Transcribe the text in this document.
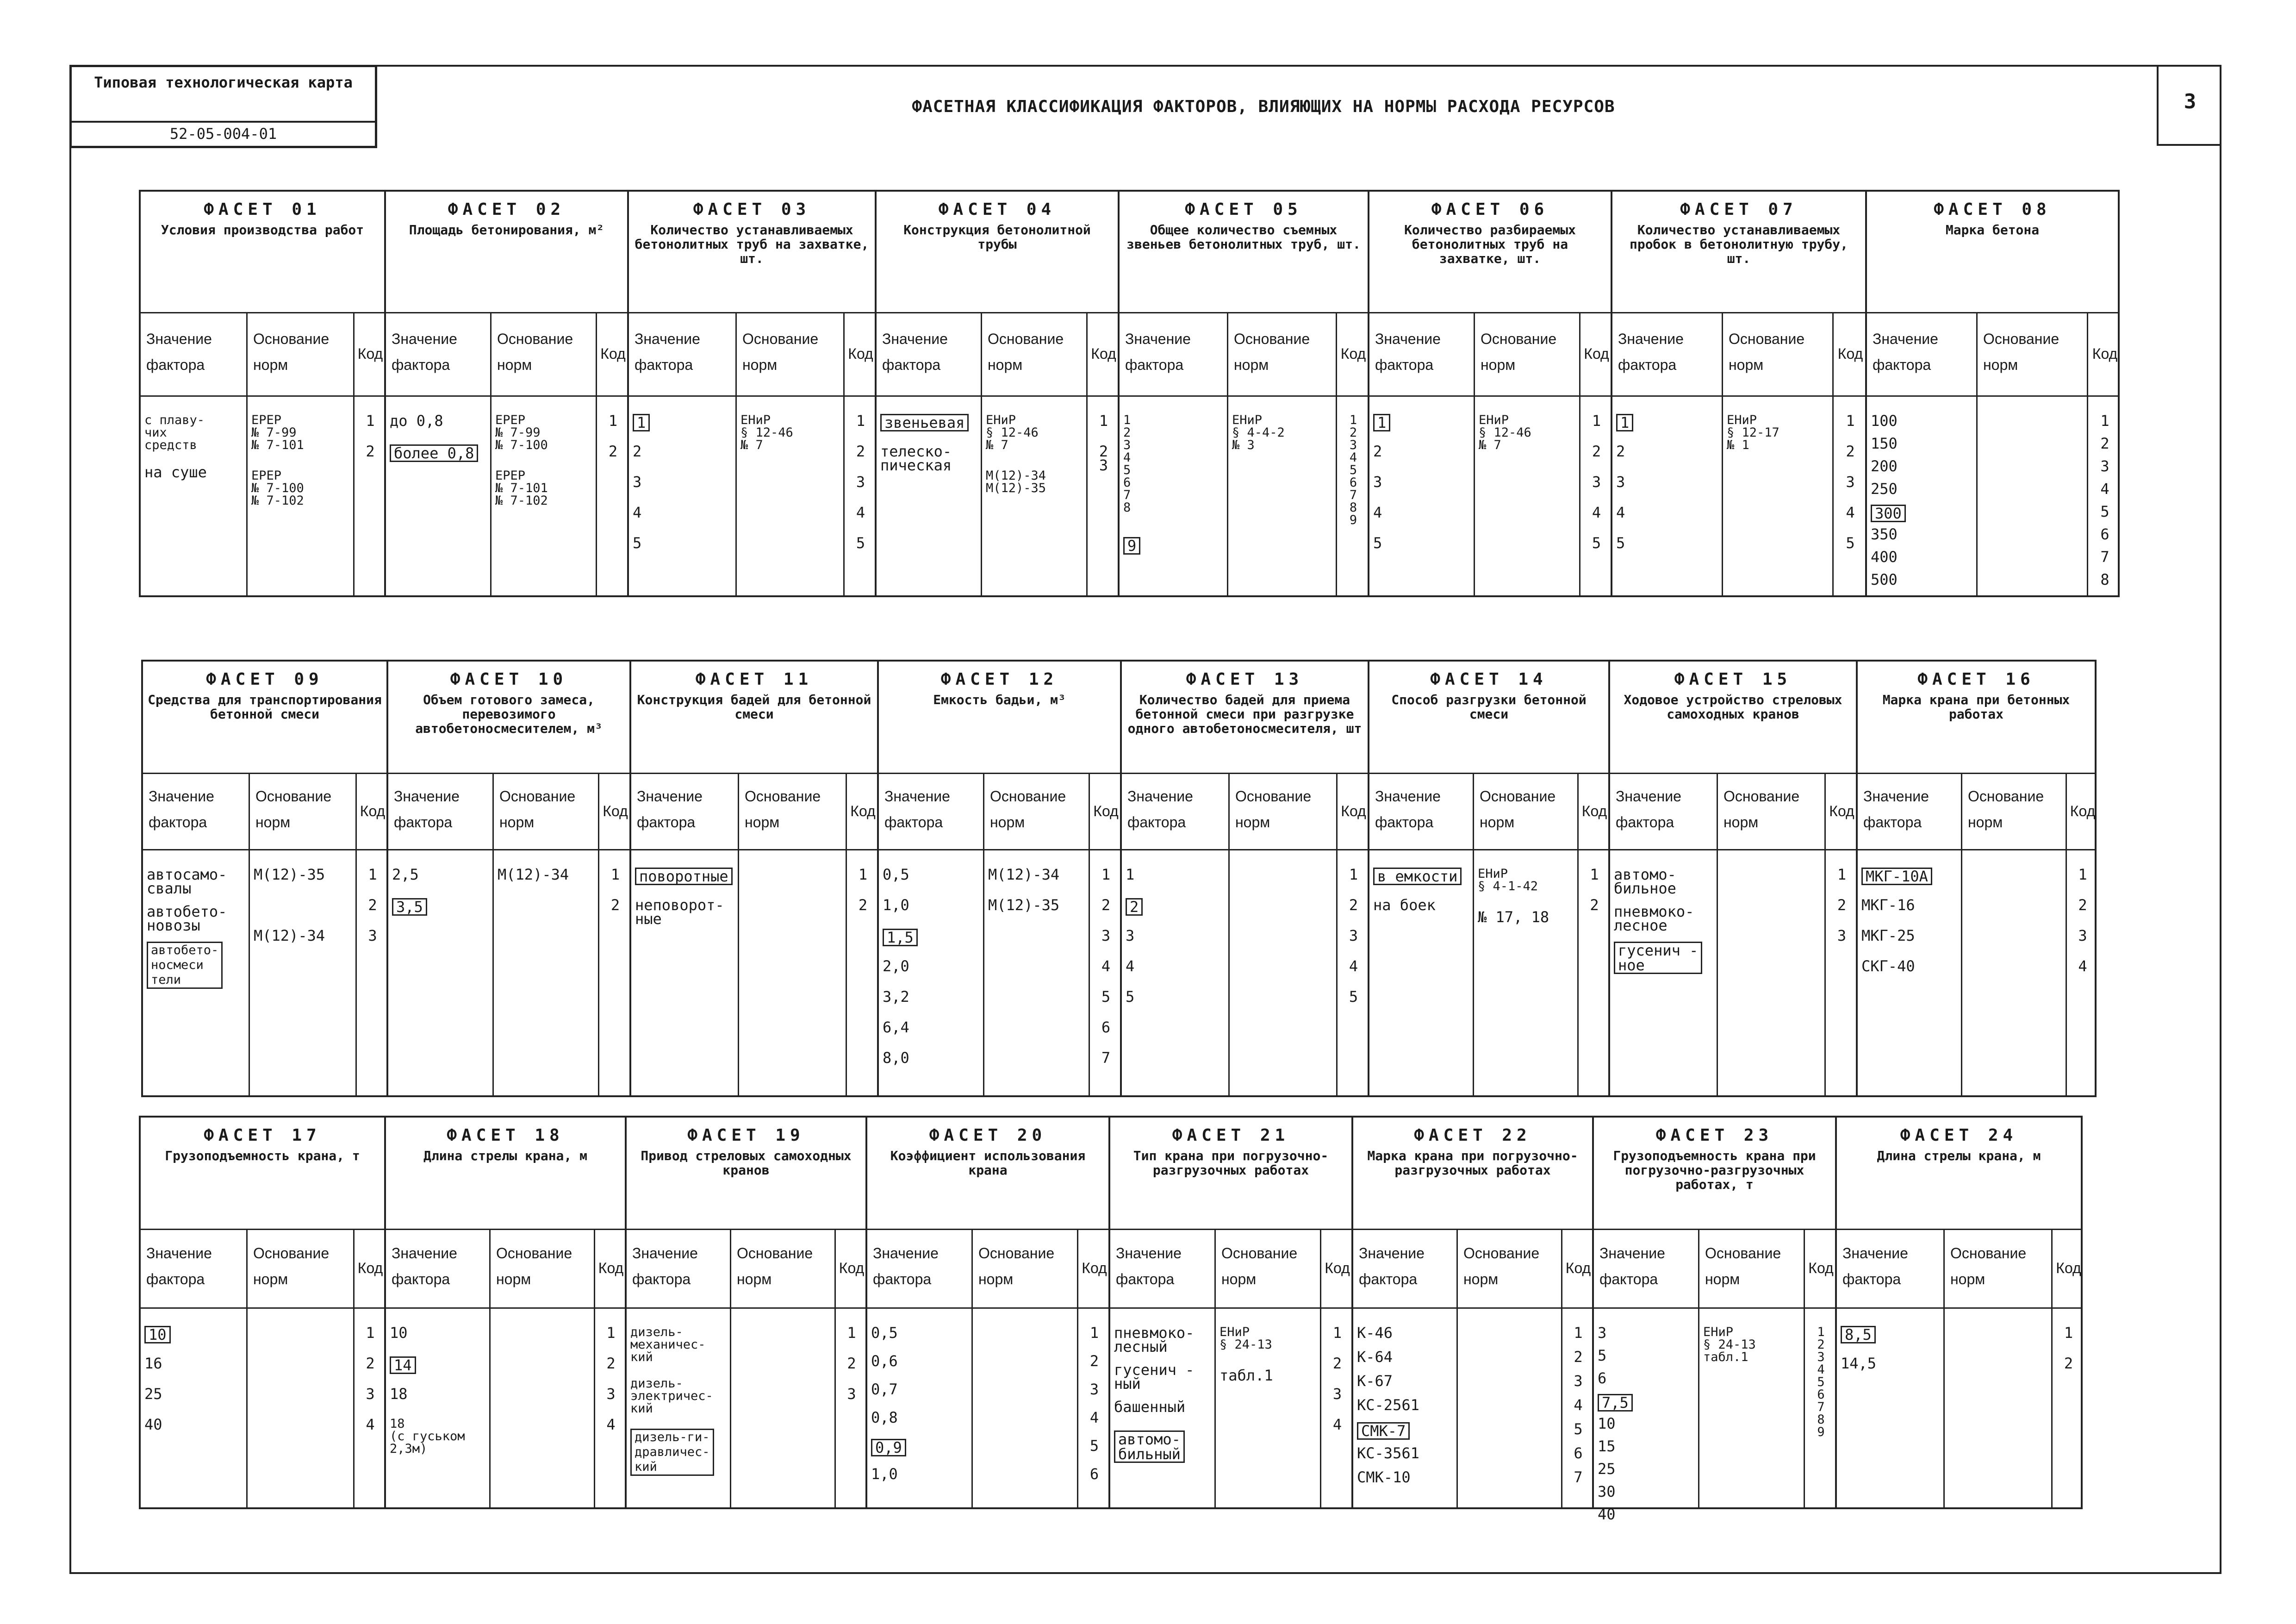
Типовая технологическая карта
52-05-004-01
ФАСЕТНАЯ КЛАССИФИКАЦИЯ ФАКТОРОВ, ВЛИЯЮЩИХ НА НОРМЫ РАСХОДА РЕСУРСОВ	3
ФАСЕТ 01
Условия производства работ
Значение фактора
Основание норм
Код
с плаву-
чих
средств
на суше
ЕРЕР
№ 7-99
№ 7-101
ЕРЕР
№ 7-100
№ 7-102
1
2
ФАСЕТ 02
Площадь бетонирования, м²
Значение фактора
Основание норм
Код
до 0,8
более 0,8
ЕРЕР
№ 7-99
№ 7-100
ЕРЕР
№ 7-101
№ 7-102
1
2
ФАСЕТ 03
Количество устанавливаемых бетонолитных труб на захватке, шт.
Значение фактора
Основание норм
Код
1
2
3
4
5
ЕНиР
§ 12-46
№ 7
1
2
3
4
5
ФАСЕТ 04
Конструкция бетонолитной трубы
Значение фактора
Основание норм
Код
звеньевая
телеско-
пическая
ЕНиР
§ 12-46
№ 7
М(12)-34
М(12)-35
1
2
3
ФАСЕТ 05
Общее количество съемных звеньев бетонолитных труб, шт.
Значение фактора
Основание норм
Код
1
2
3
4
5
6
7
8
9
ЕНиР
§ 4-4-2
№ 3
1
2
3
4
5
6
7
8
9
ФАСЕТ 06
Количество разбираемых бетонолитных труб на захватке, шт.
Значение фактора
Основание норм
Код
1
2
3
4
5
ЕНиР
§ 12-46
№ 7
1
2
3
4
5
ФАСЕТ 07
Количество устанавливаемых пробок в бетонолитную трубу, шт.
Значение фактора
Основание норм
Код
1
2
3
4
5
ЕНиР
§ 12-17
№ 1
1
2
3
4
5
ФАСЕТ 08
Марка бетона
Значение фактора
Основание норм
Код
100
150
200
250
300
350
400
500
1
2
3
4
5
6
7
8
ФАСЕТ 09
Средства для транспортирования бетонной смеси
Значение фактора
Основание норм
Код
автосамо-
свалы
автобето-
новозы
автобето-
носмеси
тели
М(12)-35
М(12)-34
1
2
3
ФАСЕТ 10
Объем готового замеса, перевозимого автобетоносмесителем, м³
Значение фактора
Основание норм
Код
2,5
3,5
М(12)-34	1
2
ФАСЕТ 11
Конструкция бадей для бетонной смеси
Значение фактора
Основание норм
Код
поворотные
неповорот-
ные
1
2
ФАСЕТ 12
Емкость бадьи, м³
Значение фактора
Основание норм
Код
0,5
1,0
1,5
2,0
3,2
6,4
8,0
М(12)-34
М(12)-35
1
2
3
4
5
6
7
ФАСЕТ 13
Количество бадей для приема бетонной смеси при разгрузке одного автобетоносмесителя, шт
Значение фактора
Основание норм
Код
1
2
3
4
5
1
2
3
4
5
ФАСЕТ 14
Способ разгрузки бетонной смеси
Значение фактора
Основание норм
Код
в емкости
на боек
ЕНиР
§ 4-1-42
№ 17, 18
1
2
ФАСЕТ 15
Ходовое устройство стреловых самоходных кранов
Значение фактора
Основание норм
Код
автомо-
бильное
пневмоко-
лесное
гусенич -
ное
1
2
3
ФАСЕТ 16
Марка крана при бетонных работах
Значение фактора
Основание норм
Код
МКГ-10А
МКГ-16
МКГ-25
СКГ-40
1
2
3
4
ФАСЕТ 17
Грузоподъемность крана, т
Значение фактора
Основание норм
Код
10
16
25
40
1
2
3
4
ФАСЕТ 18
Длина стрелы крана, м
Значение фактора
Основание норм
Код
10
14
18
18
(с гуськом
2,3м)
1
2
3
4
ФАСЕТ 19
Привод стреловых самоходных кранов
Значение фактора
Основание норм
Код
дизель-
механичес-
кий
дизель-
электричес-
кий
дизель-ги-
дравличес-
кий
1
2
3
ФАСЕТ 20
Коэффициент использования крана
Значение фактора
Основание норм
Код
0,5
0,6
0,7
0,8
0,9
1,0
1
2
3
4
5
6
ФАСЕТ 21
Тип крана при погрузочно-разгрузочных работах
Значение фактора
Основание норм
Код
пневмоко-
лесный
гусенич -
ный
башенный
автомо-
бильный
ЕНиР
§ 24-13
табл.1
1
2
3
4
ФАСЕТ 22
Марка крана при погрузочно-разгрузочных работах
Значение фактора
Основание норм
Код
К-46
К-64
К-67
КС-2561
СМК-7
КС-3561
СМК-10
1
2
3
4
5
6
7
ФАСЕТ 23
Грузоподъемность крана при погрузочно-разгрузочных работах, т
Значение фактора
Основание норм
Код
3
5
6
7,5
10
15
25
30
40
ЕНиР
§ 24-13
табл.1
1
2
3
4
5
6
7
8
9
ФАСЕТ 24
Длина стрелы крана, м
Значение фактора
Основание норм
Код
8,5
14,5
1
2
